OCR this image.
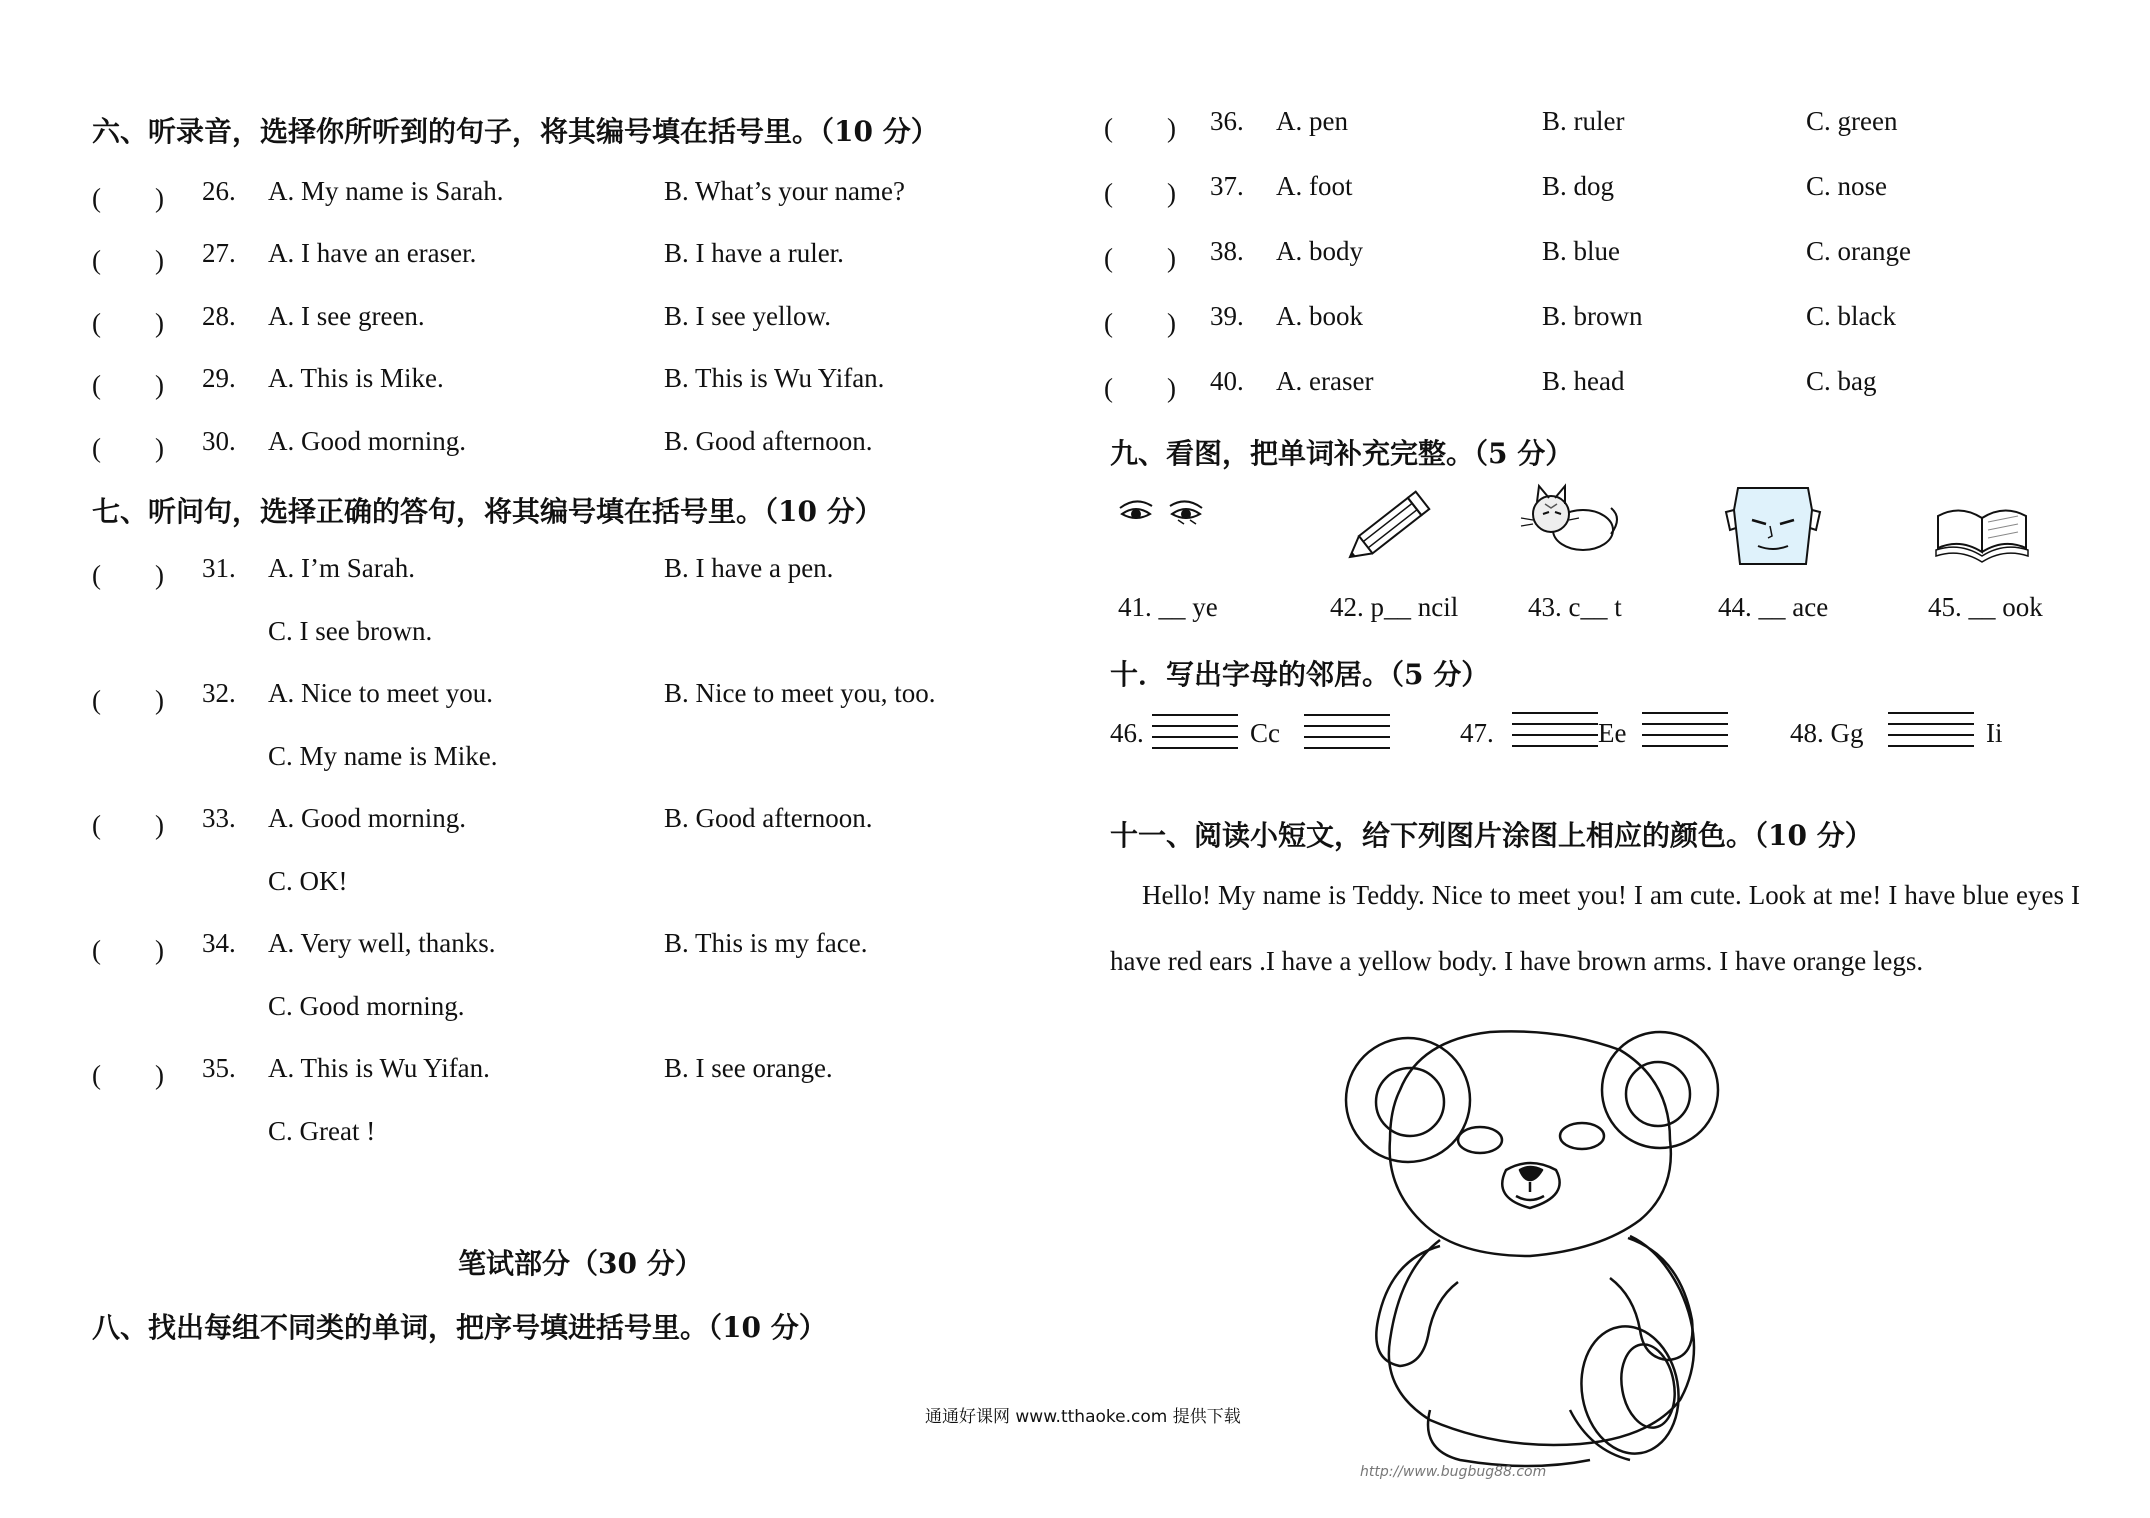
六、听录音，选择你所听到的句子，将其编号填在括号里。（10 分）
(　　) 26. A. My name is Sarah.	B. What’s your name?
(　　) 27. A. I have an eraser.	B. I have a ruler.
(　　) 28. A. I see green.	B. I see yellow.
(　　) 29. A. This is Mike.	B. This is Wu Yifan.
(　　) 30. A. Good morning.	B. Good afternoon.
七、听问句，选择正确的答句，将其编号填在括号里。（10 分）
(　　) 31. A. I’m Sarah.	B. I have a pen.
C. I see brown.
(　　) 32. A. Nice to meet you.	B. Nice to meet you, too.
C. My name is Mike.
(　　) 33. A. Good morning.	B. Good afternoon.
C. OK!
(　　) 34. A. Very well, thanks.	B. This is my face.
C. Good morning.
(　　) 35. A. This is Wu Yifan.	B. I see orange.
C. Great !
笔试部分（30 分）
八、找出每组不同类的单词，把序号填进括号里。（10 分）
(　　) 36. A. pen	B. ruler	C. green
(　　) 37. A. foot	B. dog	C. nose
(　　) 38. A. body	B. blue	C. orange
(　　) 39. A. book	B. brown	C. black
(　　) 40. A. eraser	B. head	C. bag
九、看图，把单词补充完整。（5 分）
41. __ ye	42. p__ ncil	43. c__ t	44. __ ace	45. __ ook
十．写出字母的邻居。（5 分）
46.	Cc	47.	Ee	48. Gg	Ii
十一、阅读小短文，给下列图片涂图上相应的颜色。（10 分）
Hello! My name is Teddy. Nice to meet you! I am cute. Look at me! I have blue eyes I have red ears .I have a yellow body. I have brown arms. I have orange legs.
http://www.bugbug88.com
通通好课网 www.tthaoke.com 提供下载
